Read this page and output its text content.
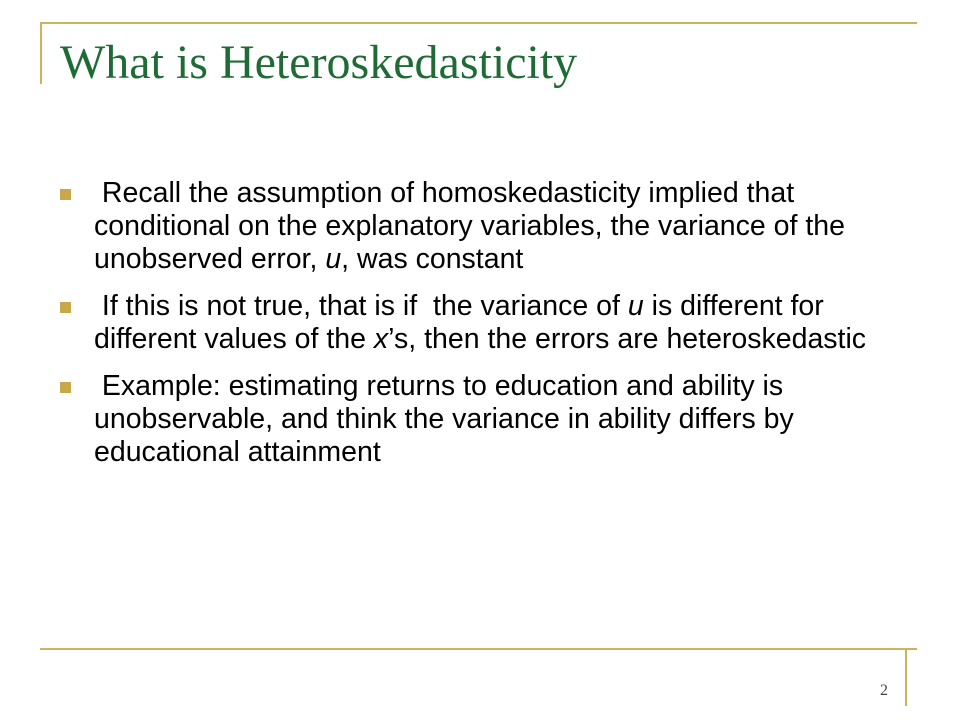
What is Heteroskedasticity
Recall the assumption of homoskedasticity implied that conditional on the explanatory variables, the variance of the unobserved error, u, was constant
If this is not true, that is if  the variance of u is different for different values of the x’s, then the errors are heteroskedastic
Example: estimating returns to education and ability is unobservable, and think the variance in ability differs by educational attainment
2
